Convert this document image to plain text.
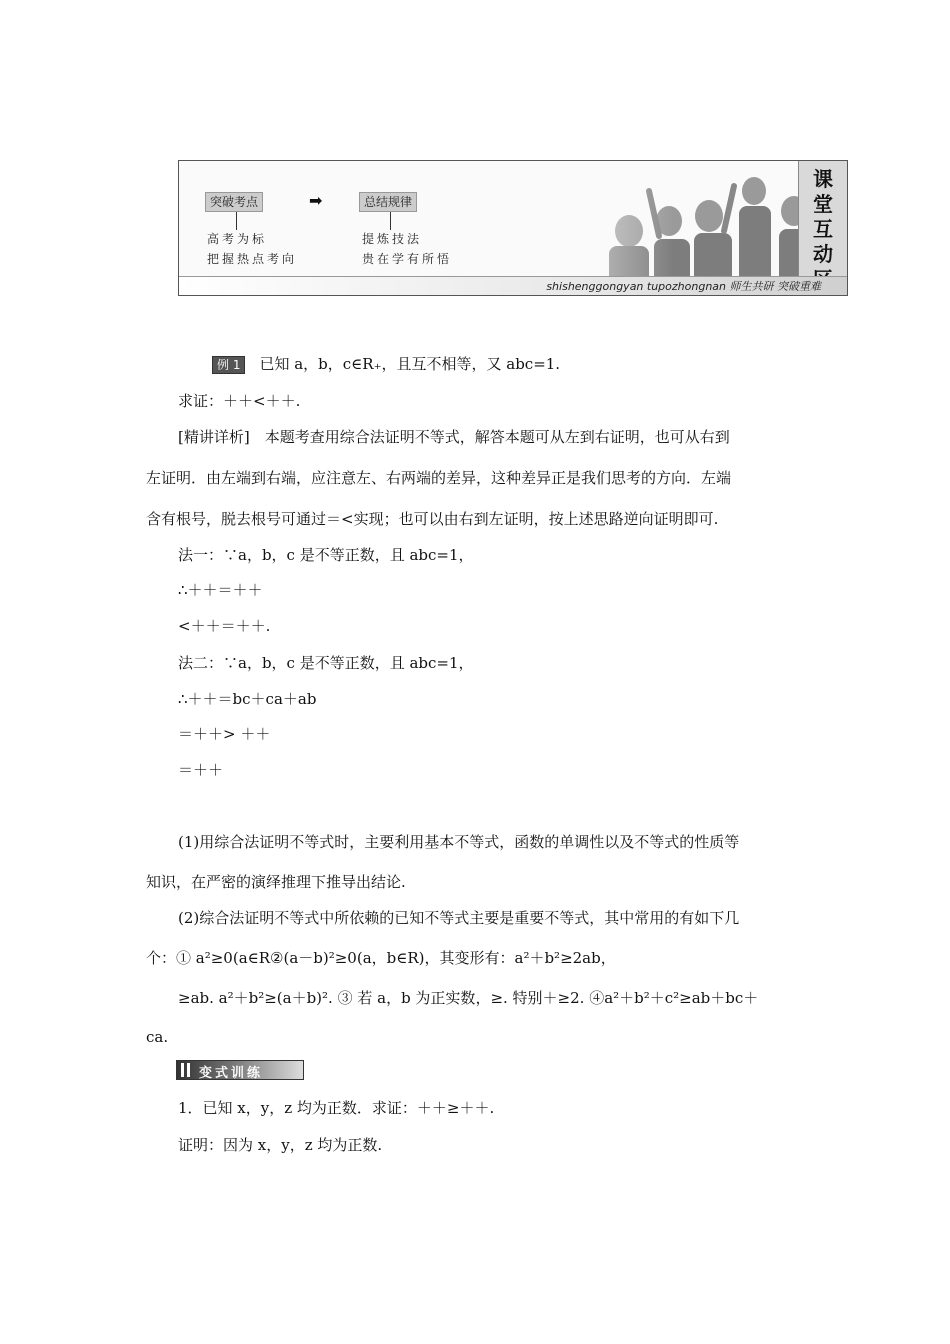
突破考点	➡	总结规律
高考为标
把握热点考向
提炼技法
贵在学有所悟
课
堂
互
动
shishenggongyan tupozhongnan 师生共研 突破重难
例 1 已知 a，b，c∈R₊，且互不相等，又 abc=1.
求证：＋＋<＋＋.
[精讲详析]　本题考查用综合法证明不等式，解答本题可从左到右证明，也可从右到
左证明．由左端到右端，应注意左、右两端的差异，这种差异正是我们思考的方向．左端
含有根号，脱去根号可通过＝<实现；也可以由右到左证明，按上述思路逆向证明即可.
法一：∵a，b，c 是不等正数，且 abc=1，
∴＋＋＝＋＋
<＋＋＝＋＋.
法二：∵a，b，c 是不等正数，且 abc=1，
∴＋＋＝bc＋ca＋ab
＝＋＋> ＋＋
＝＋＋
(1)用综合法证明不等式时，主要利用基本不等式，函数的单调性以及不等式的性质等
知识，在严密的演绎推理下推导出结论.
(2)综合法证明不等式中所依赖的已知不等式主要是重要不等式，其中常用的有如下几
个：① a²≥0(a∈R②(a－b)²≥0(a，b∈R)，其变形有：a²＋b²≥2ab，
≥ab. a²＋b²≥(a＋b)². ③ 若 a，b 为正实数，≥. 特别＋≥2. ④a²＋b²＋c²≥ab＋bc＋
ca.
变式训练
1．已知 x，y，z 均为正数．求证：＋＋≥＋＋.
证明：因为 x，y，z 均为正数.
